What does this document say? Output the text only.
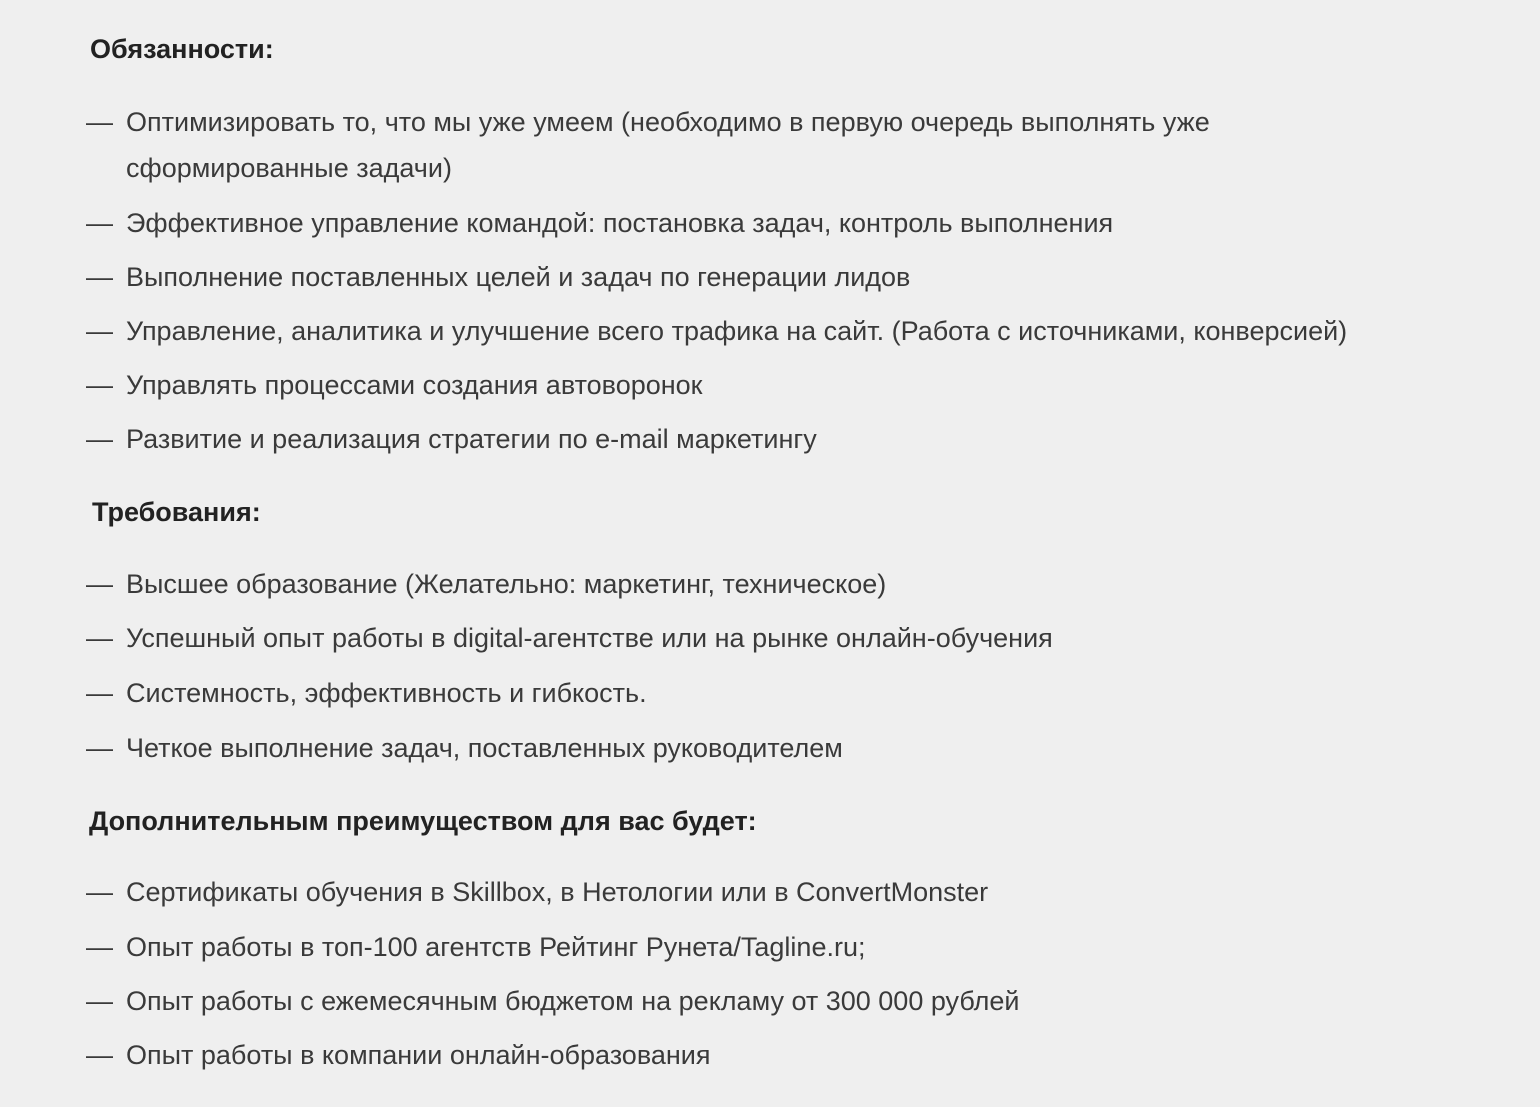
Обязанности:
— Оптимизировать то, что мы уже умеем (необходимо в первую очередь выполнять уже сформированные задачи)
— Эффективное управление командой: постановка задач, контроль выполнения
— Выполнение поставленных целей и задач по генерации лидов
— Управление, аналитика и улучшение всего трафика на сайт. (Работа с источниками, конверсией)
— Управлять процессами создания автоворонок
— Развитие и реализация стратегии по e-mail маркетингу
Требования:
— Высшее образование (Желательно: маркетинг, техническое)
— Успешный опыт работы в digital-агентстве или на рынке онлайн-обучения
— Системность, эффективность и гибкость.
— Четкое выполнение задач, поставленных руководителем
Дополнительным преимуществом для вас будет:
— Сертификаты обучения в Skillbox, в Нетологии или в ConvertMonster
— Опыт работы в топ-100 агентств Рейтинг Рунета/Tagline.ru;
— Опыт работы с ежемесячным бюджетом на рекламу от 300 000 рублей
— Опыт работы в компании онлайн-образования
